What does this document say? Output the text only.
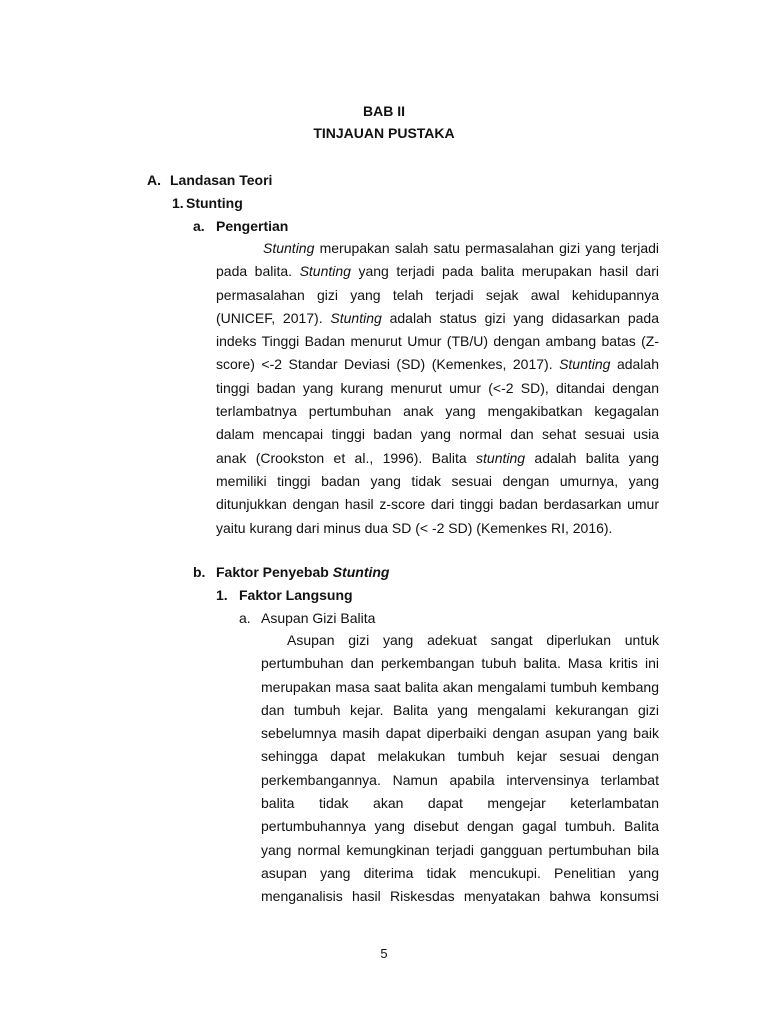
BAB II
TINJAUAN PUSTAKA
A. Landasan Teori
1. Stunting
a. Pengertian
Stunting merupakan salah satu permasalahan gizi yang terjadi
pada balita. Stunting yang terjadi pada balita merupakan hasil dari
permasalahan gizi yang telah terjadi sejak awal kehidupannya
(UNICEF, 2017). Stunting adalah status gizi yang didasarkan pada
indeks Tinggi Badan menurut Umur (TB/U) dengan ambang batas (Z-
score) <-2 Standar Deviasi (SD) (Kemenkes, 2017). Stunting adalah
tinggi badan yang kurang menurut umur (<-2 SD), ditandai dengan
terlambatnya pertumbuhan anak yang mengakibatkan kegagalan
dalam mencapai tinggi badan yang normal dan sehat sesuai usia
anak (Crookston et al., 1996). Balita stunting adalah balita yang
memiliki tinggi badan yang tidak sesuai dengan umurnya, yang
ditunjukkan dengan hasil z-score dari tinggi badan berdasarkan umur
yaitu kurang dari minus dua SD (< -2 SD) (Kemenkes RI, 2016).
b. Faktor Penyebab Stunting
1. Faktor Langsung
a. Asupan Gizi Balita
Asupan gizi yang adekuat sangat diperlukan untuk
pertumbuhan dan perkembangan tubuh balita. Masa kritis ini
merupakan masa saat balita akan mengalami tumbuh kembang
dan tumbuh kejar. Balita yang mengalami kekurangan gizi
sebelumnya masih dapat diperbaiki dengan asupan yang baik
sehingga dapat melakukan tumbuh kejar sesuai dengan
perkembangannya. Namun apabila intervensinya terlambat
balita tidak akan dapat mengejar keterlambatan
pertumbuhannya yang disebut dengan gagal tumbuh. Balita
yang normal kemungkinan terjadi gangguan pertumbuhan bila
asupan yang diterima tidak mencukupi. Penelitian yang
menganalisis hasil Riskesdas menyatakan bahwa konsumsi
5
